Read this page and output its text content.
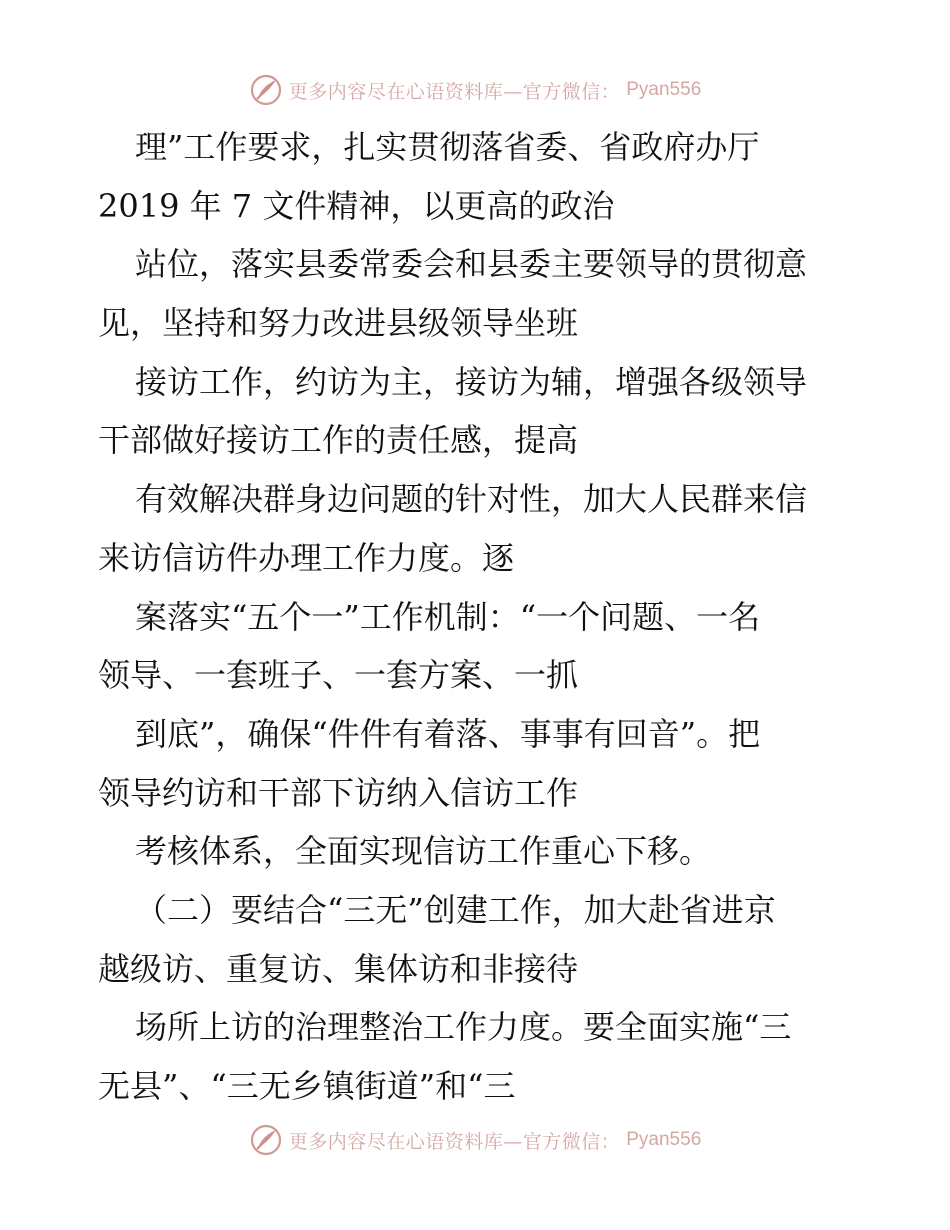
更多内容尽在心语资料库—官方微信： Pyan556
理”工作要求，扎实贯彻落省委、省政府办厅
2019 年 7 文件精神，以更高的政治
站位，落实县委常委会和县委主要领导的贯彻意
见，坚持和努力改进县级领导坐班
接访工作，约访为主，接访为辅，增强各级领导
干部做好接访工作的责任感，提高
有效解决群身边问题的针对性，加大人民群来信
来访信访件办理工作力度。逐
案落实“五个一”工作机制：“一个问题、一名
领导、一套班子、一套方案、一抓
到底”，确保“件件有着落、事事有回音”。把
领导约访和干部下访纳入信访工作
考核体系，全面实现信访工作重心下移。
（二）要结合“三无”创建工作，加大赴省进京
越级访、重复访、集体访和非接待
场所上访的治理整治工作力度。要全面实施“三
无县”、“三无乡镇街道”和“三
更多内容尽在心语资料库—官方微信： Pyan556
